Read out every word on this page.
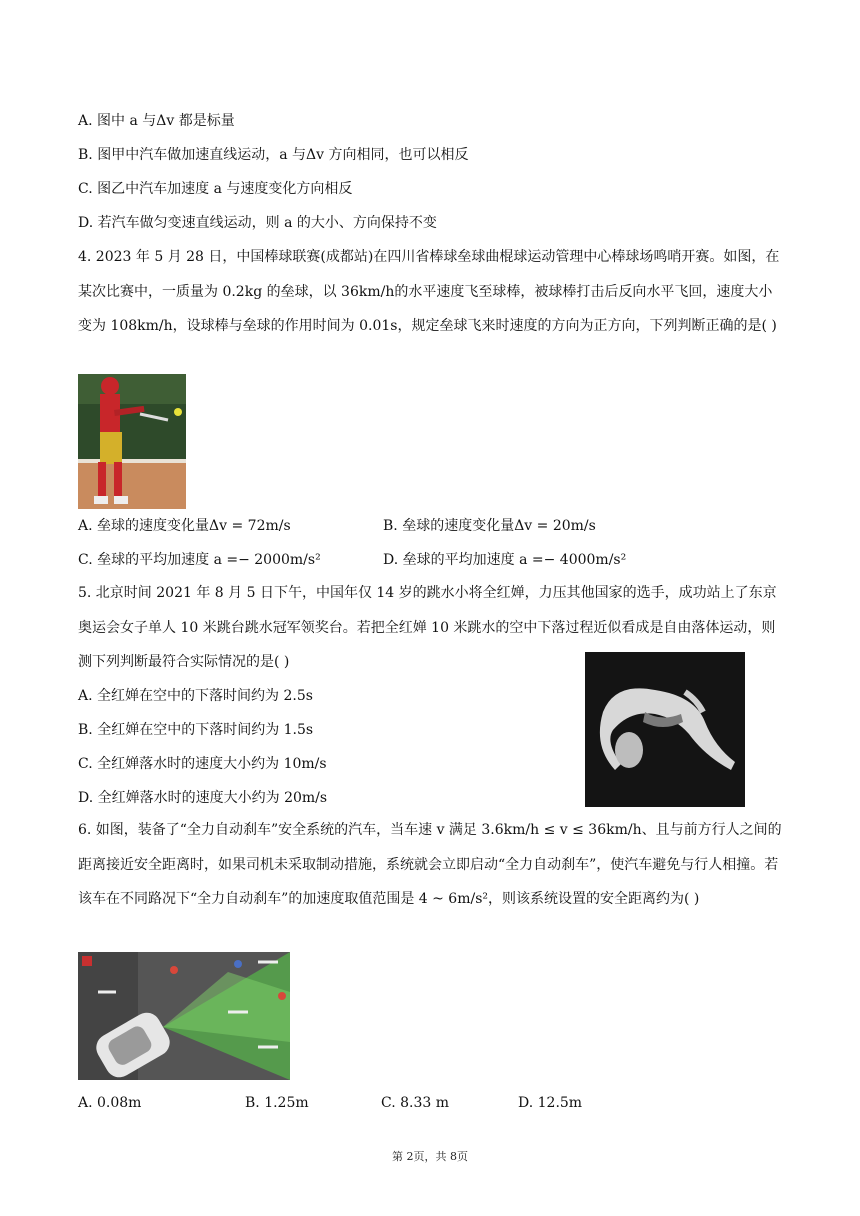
A. 图中 a 与Δv 都是标量
B. 图甲中汽车做加速直线运动，a 与Δv 方向相同，也可以相反
C. 图乙中汽车加速度 a 与速度变化方向相反
D. 若汽车做匀变速直线运动，则 a 的大小、方向保持不变
4. 2023 年 5 月 28 日，中国棒球联赛(成都站)在四川省棒球垒球曲棍球运动管理中心棒球场鸣哨开赛。如图，在某次比赛中，一质量为 0.2kg 的垒球，以 36km/h的水平速度飞至球棒，被球棒打击后反向水平飞回，速度大小变为 108km/h，设球棒与垒球的作用时间为 0.01s，规定垒球飞来时速度的方向为正方向，下列判断正确的是( )
A. 垒球的速度变化量Δv = 72m/s	B. 垒球的速度变化量Δv = 20m/s
C. 垒球的平均加速度 a =− 2000m/s²	D. 垒球的平均加速度 a =− 4000m/s²
5. 北京时间 2021 年 8 月 5 日下午，中国年仅 14 岁的跳水小将全红婵，力压其他国家的选手，成功站上了东京奥运会女子单人 10 米跳台跳水冠军领奖台。若把全红婵 10 米跳水的空中下落过程近似看成是自由落体运动，则测下列判断最符合实际情况的是( )
A. 全红婵在空中的下落时间约为 2.5s
B. 全红婵在空中的下落时间约为 1.5s
C. 全红婵落水时的速度大小约为 10m/s
D. 全红婵落水时的速度大小约为 20m/s
6. 如图，装备了“全力自动刹车”安全系统的汽车，当车速 v 满足 3.6km/h ≤ v ≤ 36km/h、且与前方行人之间的距离接近安全距离时，如果司机未采取制动措施，系统就会立即启动“全力自动刹车”，使汽车避免与行人相撞。若该车在不同路况下“全力自动刹车”的加速度取值范围是 4 ~ 6m/s²，则该系统设置的安全距离约为( )
A. 0.08m	B. 1.25m	C. 8.33 m	D. 12.5m
第 2页，共 8页
